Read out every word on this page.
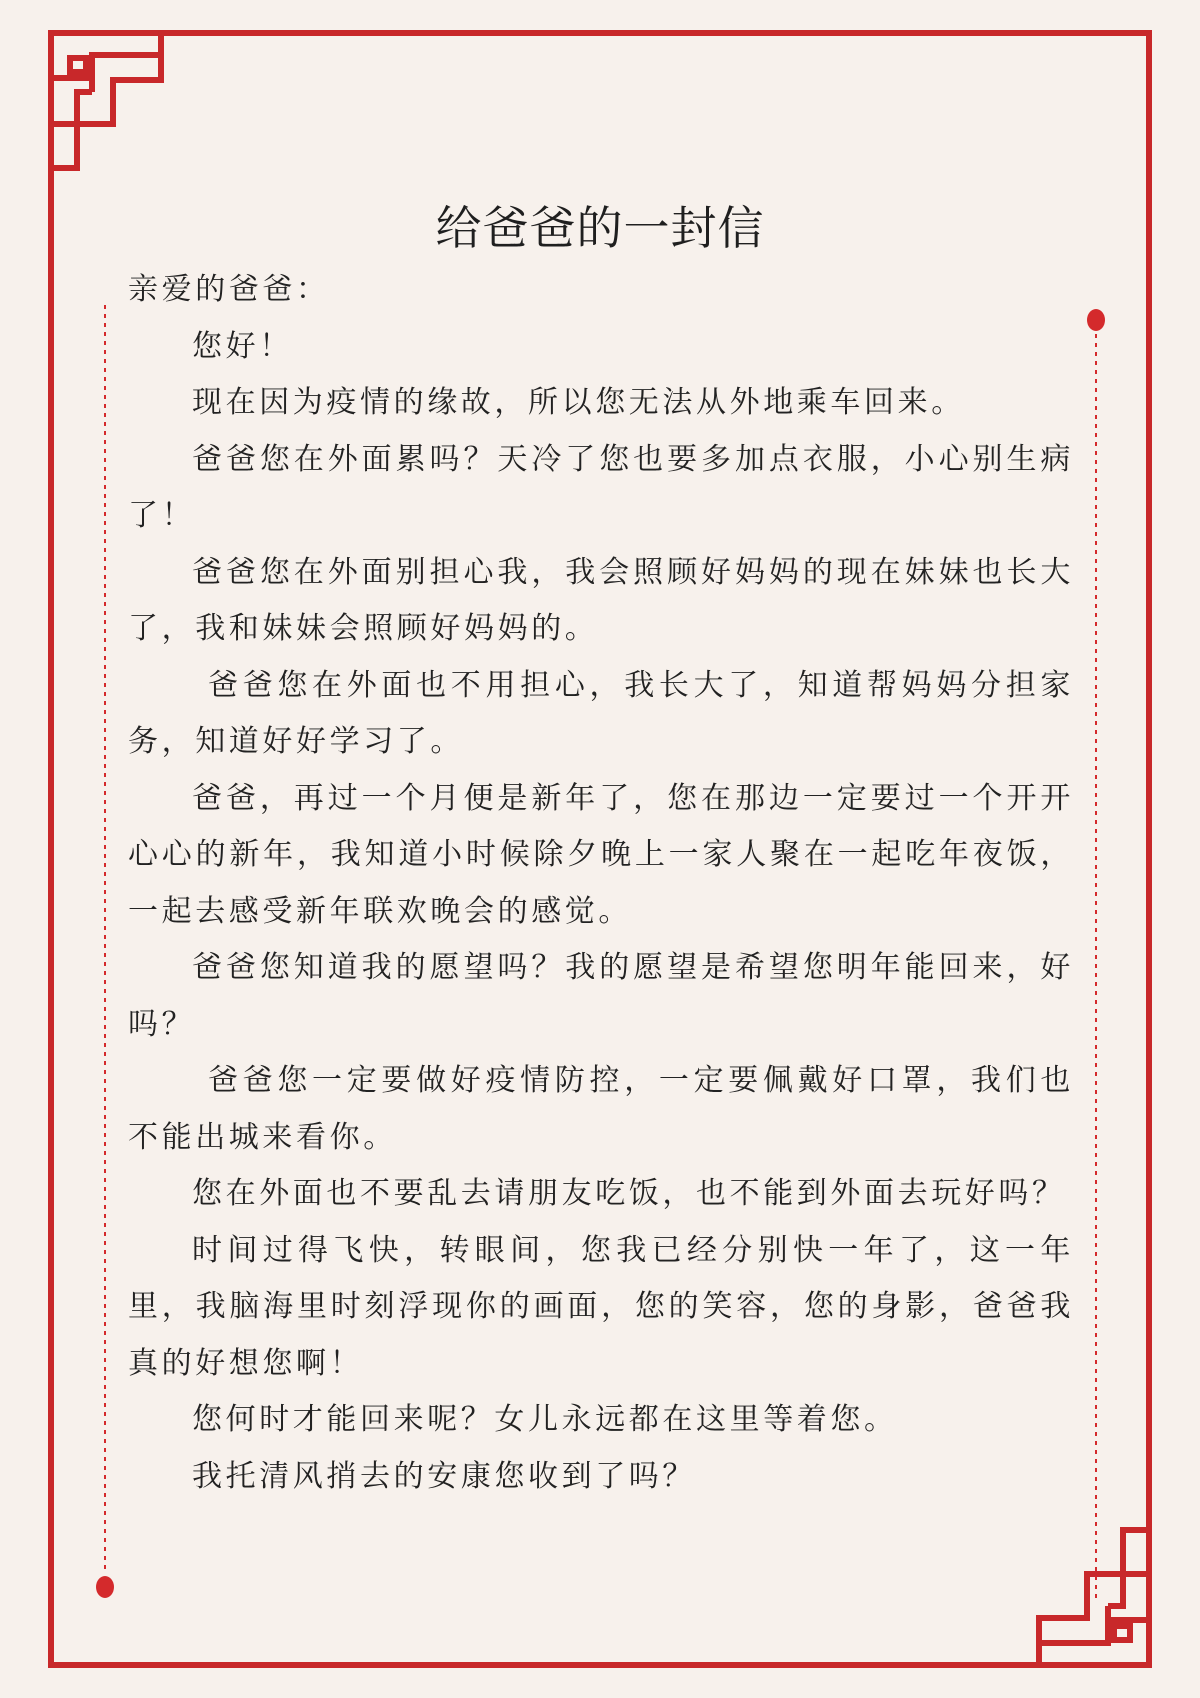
给爸爸的一封信

亲爱的爸爸：

您好！

现在因为疫情的缘故，所以您无法从外地乘车回来。

爸爸您在外面累吗？天冷了您也要多加点衣服，小心别生病了！

爸爸您在外面别担心我，我会照顾好妈妈的现在妹妹也长大了，我和妹妹会照顾好妈妈的。

爸爸您在外面也不用担心，我长大了，知道帮妈妈分担家务，知道好好学习了。

爸爸，再过一个月便是新年了，您在那边一定要过一个开开心心的新年，我知道小时候除夕晚上一家人聚在一起吃年夜饭，一起去感受新年联欢晚会的感觉。

爸爸您知道我的愿望吗？我的愿望是希望您明年能回来，好吗？

爸爸您一定要做好疫情防控，一定要佩戴好口罩，我们也不能出城来看你。

您在外面也不要乱去请朋友吃饭，也不能到外面去玩好吗？

时间过得飞快，转眼间，您我已经分别快一年了，这一年里，我脑海里时刻浮现你的画面，您的笑容，您的身影，爸爸我真的好想您啊！

您何时才能回来呢？女儿永远都在这里等着您。

我托清风捎去的安康您收到了吗？
